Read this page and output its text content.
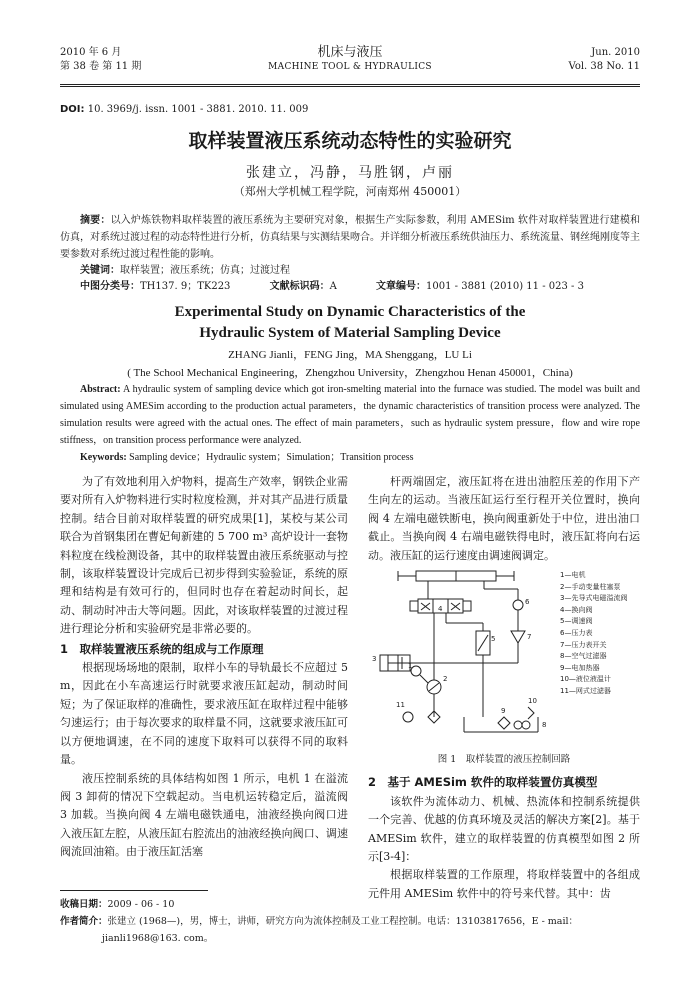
2010 年 6 月
第 38 卷 第 11 期
机床与液压
MACHINE TOOL & HYDRAULICS
Jun. 2010
Vol. 38 No. 11
DOI: 10. 3969/j. issn. 1001 - 3881. 2010. 11. 009
取样装置液压系统动态特性的实验研究
张建立，冯静，马胜钢，卢丽
（郑州大学机械工程学院，河南郑州 450001）
摘要：以入炉炼铁物料取样装置的液压系统为主要研究对象，根据生产实际参数，利用 AMESim 软件对取样装置进行建模和仿真，对系统过渡过程的动态特性进行分析，仿真结果与实测结果吻合。并详细分析液压系统供油压力、系统流量、钢丝绳刚度等主要参数对系统过渡过程性能的影响。
关键词：取样装置；液压系统；仿真；过渡过程
中图分类号：TH137. 9；TK223	文献标识码：A	文章编号：1001 - 3881 (2010) 11 - 023 - 3
Experimental Study on Dynamic Characteristics of the
Hydraulic System of Material Sampling Device
ZHANG Jianli，FENG Jing，MA Shenggang，LU Li
( The School Mechanical Engineering，Zhengzhou University，Zhengzhou Henan 450001，China)
Abstract: A hydraulic system of sampling device which got iron-smelting material into the furnace was studied. The model was built and simulated using AMESim according to the production actual parameters，the dynamic characteristics of transition process were analyzed. The simulation results were agreed with the actual ones. The effect of main parameters，such as hydraulic system pressure，flow and wire rope stiffness，on transition process performance were analyzed.
Keywords: Sampling device；Hydraulic system；Simulation；Transition process

为了有效地利用入炉物料，提高生产效率，钢铁企业需要对所有入炉物料进行实时粒度检测，并对其产品进行质量控制。结合目前对取样装置的研究成果[1]，某校与某公司联合为首钢集团在曹妃甸新建的 5 700 m³ 高炉设计一套物料粒度在线检测设备，其中的取样装置由液压系统驱动与控制，该取样装置设计完成后已初步得到实验验证，系统的原理和结构是有效可行的，但同时也存在着起动时间长，起动、制动时冲击大等问题。因此，对该取样装置的过渡过程进行理论分析和实验研究是非常必要的。

1　取样装置液压系统的组成与工作原理

根据现场场地的限制，取样小车的导轨最长不应超过 5 m，因此在小车高速运行时就要求液压缸起动，制动时间短；为了保证取样的准确性，要求液压缸在取样过程中能够匀速运行；由于每次要求的取样量不同，这就要求液压缸可以方便地调速，在不同的速度下取料可以获得不同的取料量。

液压控制系统的具体结构如图 1 所示，电机 1 在溢流阀 3 卸荷的情况下空载起动。当电机运转稳定后，溢流阀 3 加载。当换向阀 4 左端电磁铁通电，油液经换向阀口进入液压缸左腔，从液压缸右腔流出的油液经换向阀口、调速阀流回油箱。由于液压缸活塞

杆两端固定，液压缸将在进出油腔压差的作用下产生向左的运动。当液压缸运行至行程开关位置时，换向阀 4 左端电磁铁断电，换向阀重新处于中位，进出油口截止。当换向阀 4 右端电磁铁得电时，液压缸将向右运动。液压缸的运行速度由调速阀调定。

4
5
6
7
3
1
2
9
10
11
8
1—电机
2—手动变量柱塞泵
3—先导式电磁溢流阀
4—换向阀
5—调速阀
6—压力表
7—压力表开关
8—空气过滤器
9—电加热器
10—液位液温计
11—网式过滤器
图 1　取样装置的液压控制回路
2　基于 AMESim 软件的取样装置仿真模型

该软件为流体动力、机械、热流体和控制系统提供一个完善、优越的仿真环境及灵活的解决方案[2]。基于 AMESim 软件，建立的取样装置的仿真模型如图 2 所示[3-4]：

根据取样装置的工作原理，将取样装置中的各组成元件用 AMESim 软件中的符号来代替。其中：齿

收稿日期：2009 - 06 - 10
作者简介：张建立 (1968—)，男，博士，讲师，研究方向为流体控制及工业工程控制。电话：13103817656，E - mail：
jianli1968@163. com。
